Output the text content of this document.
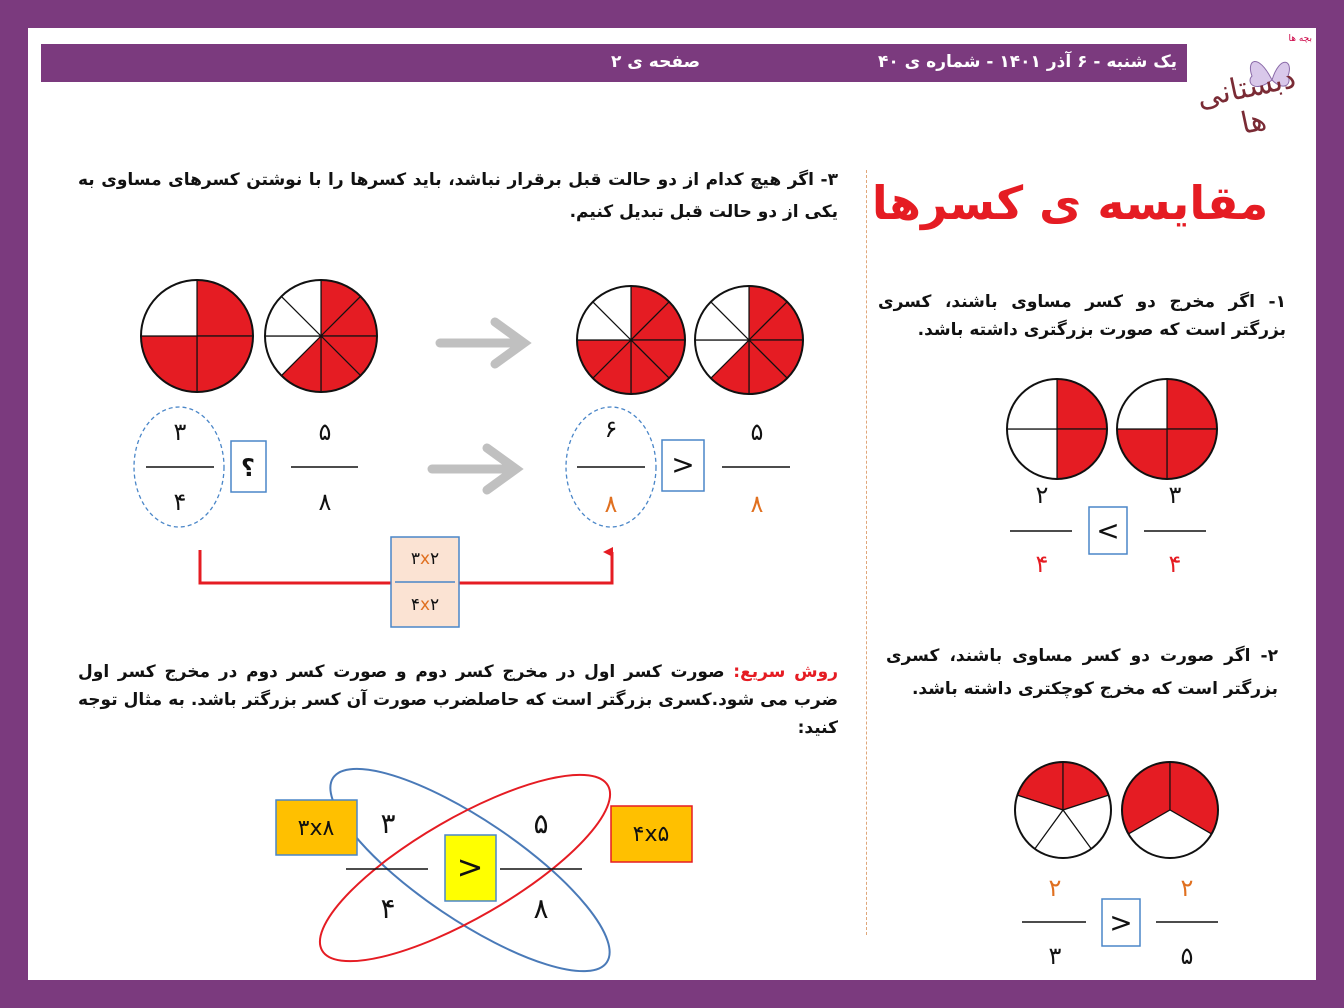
یک شنبه - ۶ آذر ۱۴۰۱ - شماره ی ۴۰
صفحه ی ۲
بچه ها
دبستانی ها
مقایسه ی کسرها
۱- اگر مخرج دو کسر مساوی باشند، کسری بزرگتر است که صورت بزرگتری داشته باشد.
۲- اگر صورت دو کسر مساوی باشند، کسری بزرگتر است که مخرج کوچکتری داشته باشد.
۳- اگر هیچ کدام از دو حالت قبل برقرار نباشد، باید کسرها را با نوشتن کسرهای مساوی به یکی از دو حالت قبل تبدیل کنیم.
روش سریع: صورت کسر اول در مخرج کسر دوم و صورت کسر دوم در مخرج کسر اول ضرب می شود.کسری بزرگتر است که حاصلضرب صورت آن کسر بزرگتر باشد. به مثال توجه کنید:
۲
۴
<
۳
۴
۲
۳
>
۲
۵
۳
۴
؟
۵
۸
۶
۸
>
۵
۸
۳x۲
۴x۲
۳
۴
۵
۸
>
۳x۸	۴x۵
